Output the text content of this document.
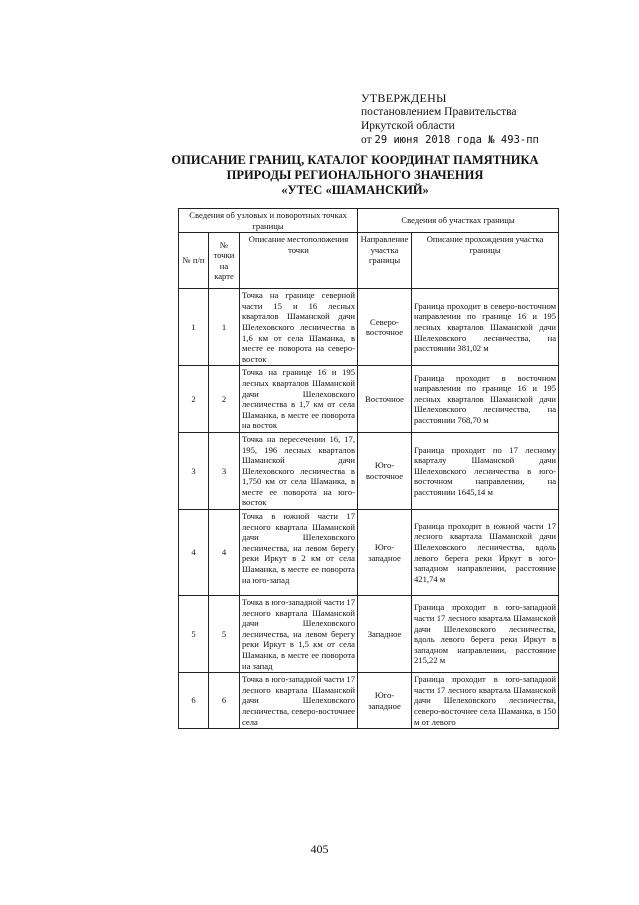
УТВЕРЖДЕНЫ
постановлением Правительства
Иркутской области
от 29 июня 2018 года № 493-пп
ОПИСАНИЕ ГРАНИЦ, КАТАЛОГ КООРДИНАТ ПАМЯТНИКА
ПРИРОДЫ РЕГИОНАЛЬНОГО ЗНАЧЕНИЯ
«УТЕС «ШАМАНСКИЙ»
Сведения об узловых и поворотных точках границы			Сведения об участках границы	
№ п/п	№ точки на карте	Описание местоположения точки	Направление участка границы	Описание прохождения участка границы
1	1	Точка на границе северной части 15 и 16 лесных кварталов Шаманской дачи Шелеховского лесничества в 1,6 км от села Шаманка, в месте ее поворота на северо-восток	Северо-восточное	Граница проходит в северо-восточном направлении по границе 16 и 195 лесных кварталов Шаманской дачи Шелеховского лесничества, на расстоянии 381,02 м
2	2	Точка на границе 16 и 195 лесных кварталов Шаманской дачи Шелеховского лесничества в 1,7 км от села Шаманка, в месте ее поворота на восток	Восточное	Граница проходит в восточном направлении по границе 16 и 195 лесных кварталов Шаманской дачи Шелеховского лесничества, на расстоянии 768,70 м
3	3	Точка на пересечении 16, 17, 195, 196 лесных кварталов Шаманской дачи Шелеховского лесничества в 1,750 км от села Шаманка, в месте ее поворота на юго-восток	Юго-восточное	Граница проходит по 17 лесному кварталу Шаманской дачи Шелеховского лесничества в юго-восточном направлении, на расстоянии 1645,14 м
4	4	Точка в южной части 17 лесного квартала Шаманской дачи Шелеховского лесничества, на левом берегу реки Иркут в 2 км от села Шаманка, в месте ее поворота на юго-запад	Юго-западное	Граница проходит в южной части 17 лесного квартала Шаманской дачи Шелеховского лесничества, вдоль левого берега реки Иркут в юго-западном направлении, расстояние 421,74 м
5	5	Точка в юго-западной части 17 лесного квартала Шаманской дачи Шелеховского лесничества, на левом берегу реки Иркут в 1,5 км от села Шаманка, в месте ее поворота на запад	Западное	Граница проходит в юго-западной части 17 лесного квартала Шаманской дачи Шелеховского лесничества, вдоль левого берега реки Иркут в западном направлении, расстояние 215,22 м
6	6	Точка в юго-западной части 17 лесного квартала Шаманской дачи Шелеховского лесничества, северо-восточнее села	Юго-западное	Граница проходит в юго-западной части 17 лесного квартала Шаманской дачи Шелеховского лесничества, северо-восточнее села Шаманка, в 150 м от левого
405
